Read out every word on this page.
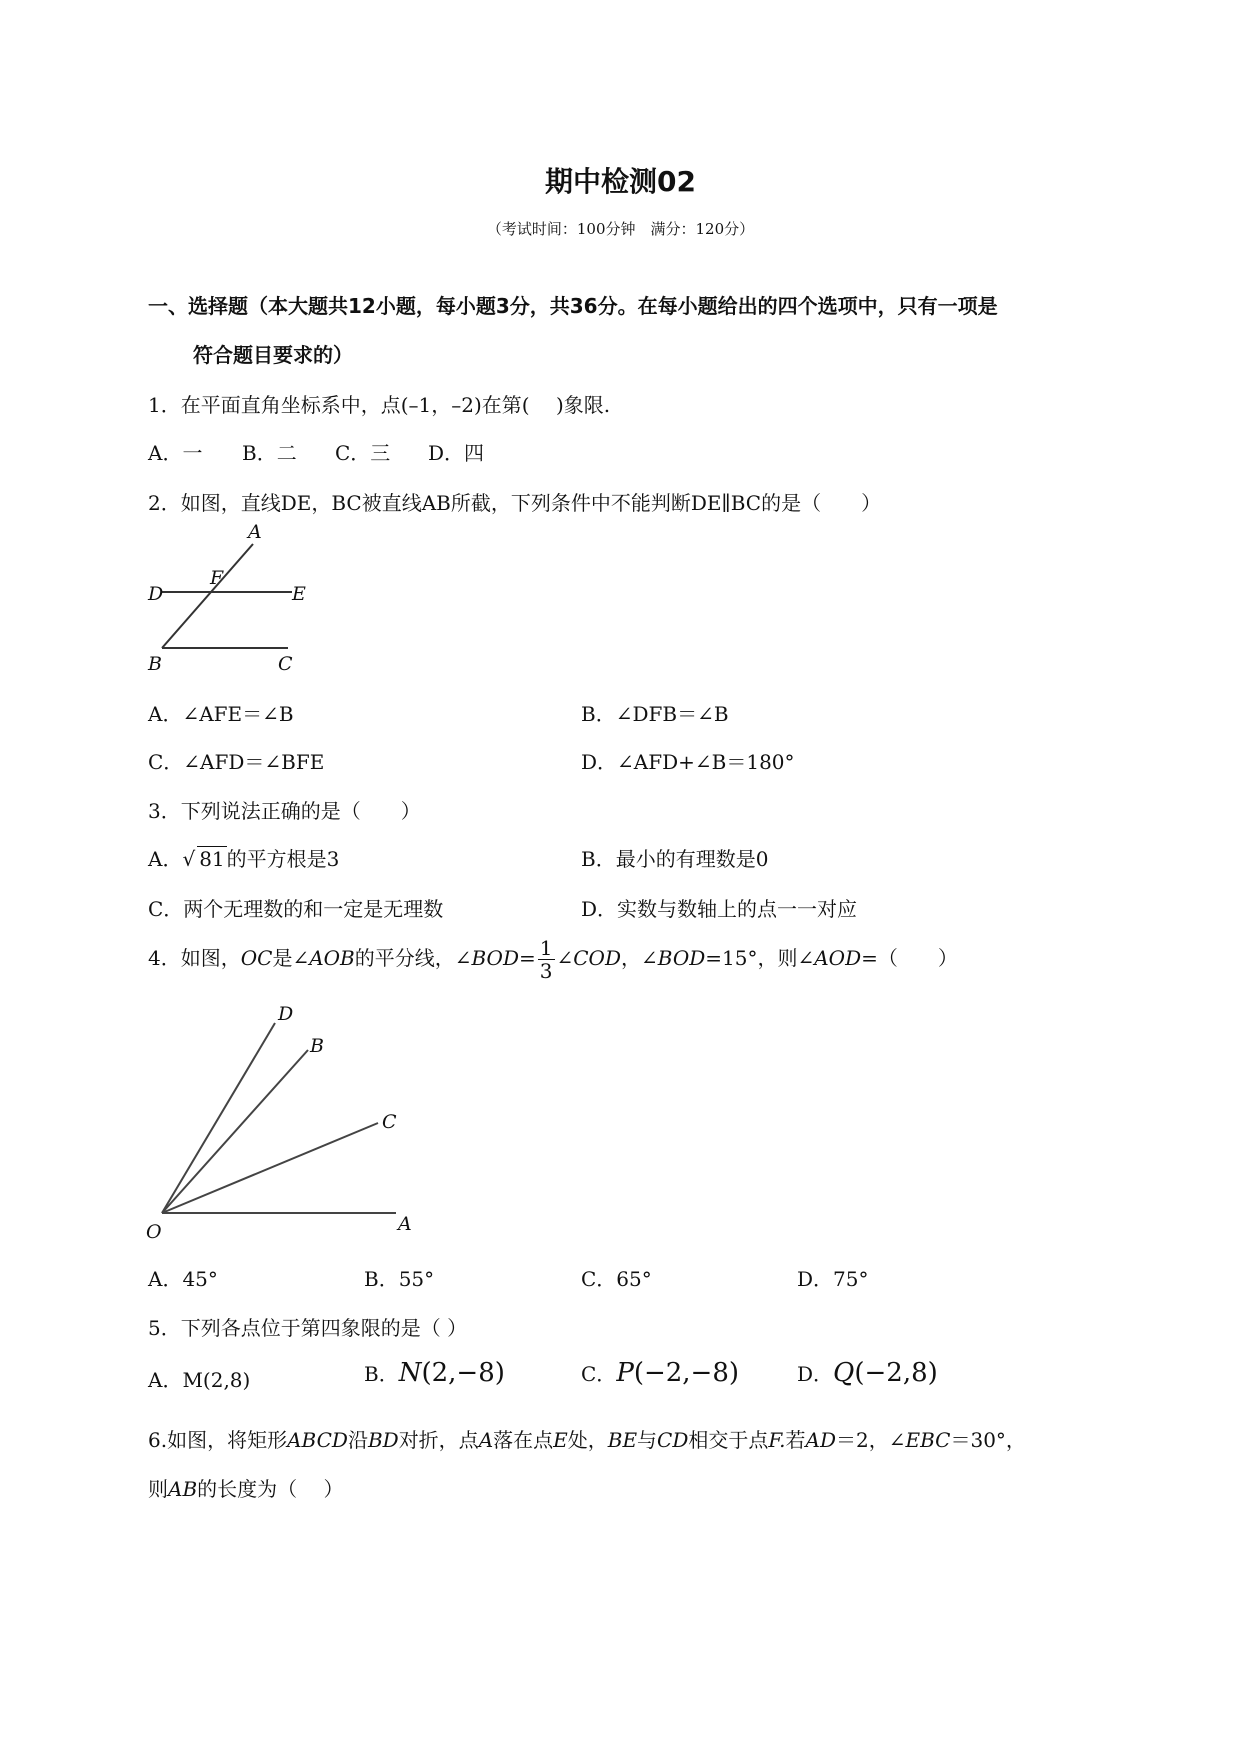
期中检测02
（考试时间：100分钟　满分：120分）
一、选择题（本大题共12小题，每小题3分，共36分。在每小题给出的四个选项中，只有一项是
符合题目要求的）
1．在平面直角坐标系中，点(–1，–2)在第(　 )象限.
A．一 B．二 C．三 D．四
2．如图，直线DE，BC被直线AB所截，下列条件中不能判断DE∥BC的是（　　）
A
D
F
E
B	C
A．∠AFE＝∠B	B．∠DFB＝∠B
C．∠AFD＝∠BFE	D．∠AFD+∠B＝180°
3．下列说法正确的是（　　）
A．√ 81 的平方根是3	B．最小的有理数是0
C．两个无理数的和一定是无理数	D．实数与数轴上的点一一对应
4．如图，OC是∠AOB的平分线，∠BOD= $\frac{1}{3}$ ∠COD，∠BOD=15°，则∠AOD=（　　）
D
B
C
O	A
A．45°	B．55°	C．65°	D．75°
5．下列各点位于第四象限的是（ ）
A．M(2,8)	B．N(2,−8)	C．P(−2,−8)	D．Q(−2,8)
6.如图，将矩形ABCD沿BD对折，点A落在点E处，BE与CD相交于点F.若AD＝2，∠EBC＝30°，
则AB的长度为（　 ）
